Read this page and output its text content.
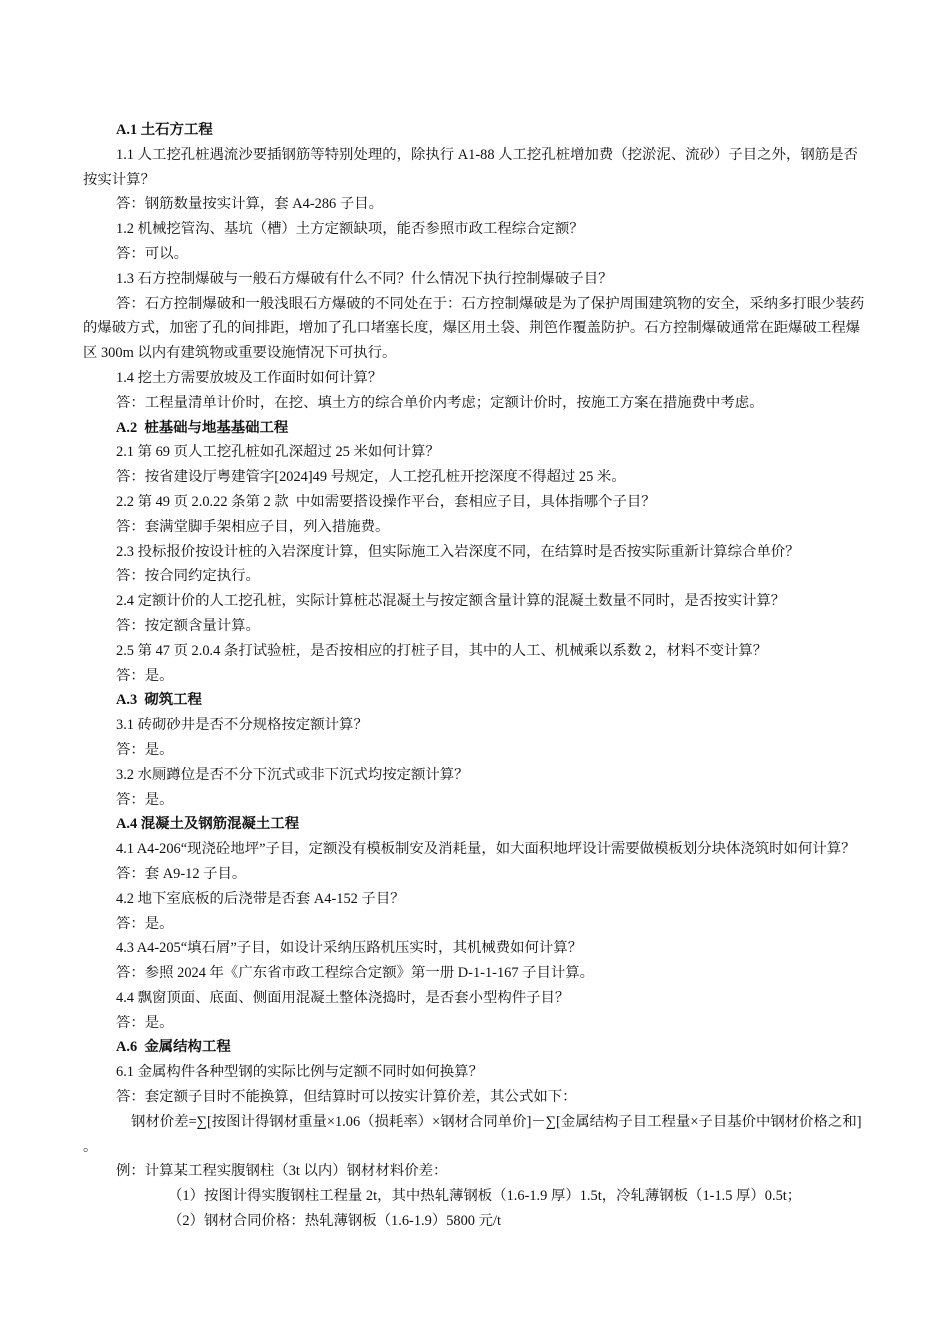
A.1 土石方工程
1.1 人工挖孔桩遇流沙要插钢筋等特别处理的，除执行 A1-88 人工挖孔桩增加费（挖淤泥、流砂）子目之外，钢筋是否按实计算？
答：钢筋数量按实计算，套 A4-286 子目。
1.2 机械挖管沟、基坑（槽）土方定额缺项，能否参照市政工程综合定额？
答：可以。
1.3 石方控制爆破与一般石方爆破有什么不同？什么情况下执行控制爆破子目？
答：石方控制爆破和一般浅眼石方爆破的不同处在于：石方控制爆破是为了保护周围建筑物的安全，采纳多打眼少装药的爆破方式，加密了孔的间排距，增加了孔口堵塞长度，爆区用土袋、荆笆作覆盖防护。石方控制爆破通常在距爆破工程爆区 300m 以内有建筑物或重要设施情况下可执行。
1.4 挖土方需要放坡及工作面时如何计算？
答：工程量清单计价时，在挖、填土方的综合单价内考虑；定额计价时，按施工方案在措施费中考虑。
A.2  桩基础与地基基础工程
2.1 第 69 页人工挖孔桩如孔深超过 25 米如何计算？
答：按省建设厅粤建管字[2024]49 号规定，人工挖孔桩开挖深度不得超过 25 米。
2.2 第 49 页 2.0.22 条第 2 款  中如需要搭设操作平台，套相应子目，具体指哪个子目？
答：套满堂脚手架相应子目，列入措施费。
2.3 投标报价按设计桩的入岩深度计算，但实际施工入岩深度不同，在结算时是否按实际重新计算综合单价？
答：按合同约定执行。
2.4 定额计价的人工挖孔桩，实际计算桩芯混凝土与按定额含量计算的混凝土数量不同时，是否按实计算？
答：按定额含量计算。
2.5 第 47 页 2.0.4 条打试验桩，是否按相应的打桩子目，其中的人工、机械乘以系数 2，材料不变计算？
答：是。
A.3  砌筑工程
3.1 砖砌砂井是否不分规格按定额计算？
答：是。
3.2 水厕蹲位是否不分下沉式或非下沉式均按定额计算？
答：是。
A.4 混凝土及钢筋混凝土工程
4.1 A4-206“现浇砼地坪”子目，定额没有模板制安及消耗量，如大面积地坪设计需要做模板划分块体浇筑时如何计算？
答：套 A9-12 子目。
4.2 地下室底板的后浇带是否套 A4-152 子目？
答：是。
4.3 A4-205“填石屑”子目，如设计采纳压路机压实时，其机械费如何计算？
答：参照 2024 年《广东省市政工程综合定额》第一册 D-1-1-167 子目计算。
4.4 飘窗顶面、底面、侧面用混凝土整体浇捣时，是否套小型构件子目？
答：是。
A.6  金属结构工程
6.1 金属构件各种型钢的实际比例与定额不同时如何换算？
答：套定额子目时不能换算，但结算时可以按实计算价差，其公式如下：
钢材价差=∑[按图计得钢材重量×1.06（损耗率）×钢材合同单价]－∑[金属结构子目工程量×子目基价中钢材价格之和] 。
例：计算某工程实腹钢柱（3t 以内）钢材材料价差：
（1）按图计得实腹钢柱工程量 2t，其中热轧薄钢板（1.6-1.9 厚）1.5t，冷轧薄钢板（1-1.5 厚）0.5t；
（2）钢材合同价格：热轧薄钢板（1.6-1.9）5800 元/t
